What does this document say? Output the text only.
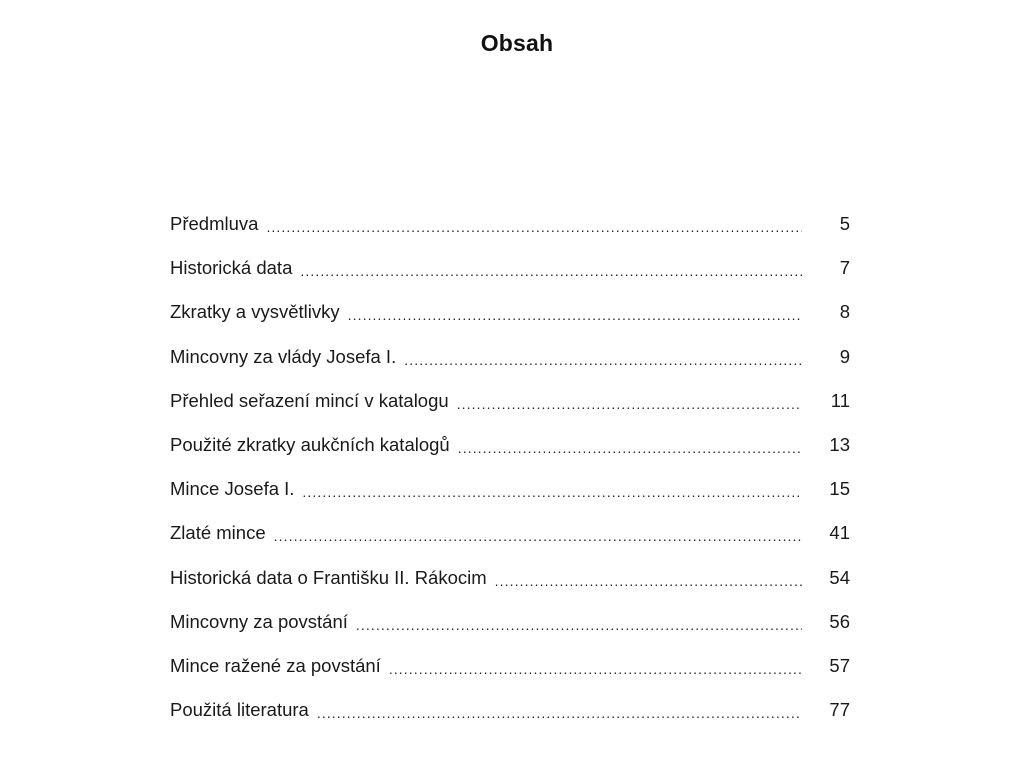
Obsah
Předmluva .....	5
Historická data .....	7
Zkratky a vysvětlivky .....	8
Mincovny za vlády Josefa I. .....	9
Přehled seřazení mincí v katalogu .....	11
Použité zkratky aukčních katalogů .....	13
Mince Josefa I. .....	15
Zlaté mince .....	41
Historická data o Františku II. Rákocim .....	54
Mincovny za povstání .....	56
Mince ražené za povstání .....	57
Použitá literatura .....	77
